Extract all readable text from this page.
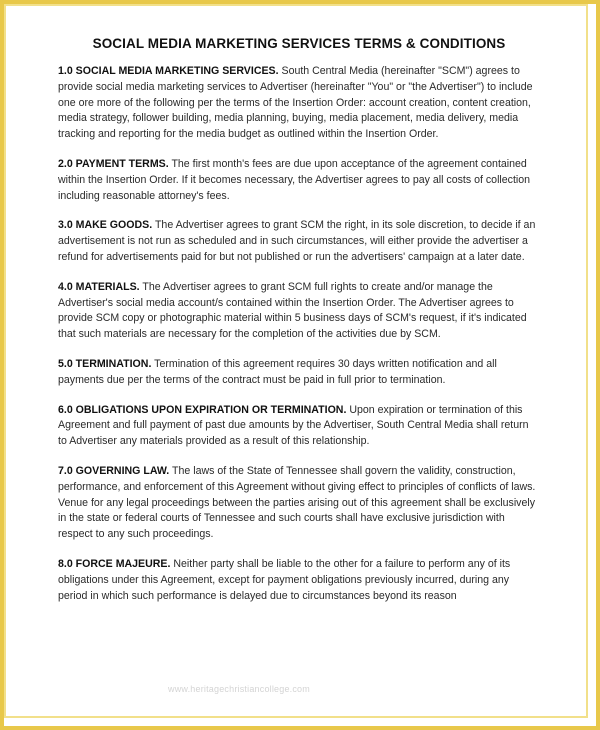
SOCIAL MEDIA MARKETING SERVICES TERMS & CONDITIONS
1.0 SOCIAL MEDIA MARKETING SERVICES. South Central Media (hereinafter "SCM") agrees to provide social media marketing services to Advertiser (hereinafter "You" or "the Advertiser") to include one ore more of the following per the terms of the Insertion Order: account creation, content creation, media strategy, follower building, media planning, buying, media placement, media delivery, media tracking and reporting for the media budget as outlined within the Insertion Order.
2.0 PAYMENT TERMS. The first month's fees are due upon acceptance of the agreement contained within the Insertion Order. If it becomes necessary, the Advertiser agrees to pay all costs of collection including reasonable attorney's fees.
3.0 MAKE GOODS. The Advertiser agrees to grant SCM the right, in its sole discretion, to decide if an advertisement is not run as scheduled and in such circumstances, will either provide the advertiser a refund for advertisements paid for but not published or run the advertisers' campaign at a later date.
4.0 MATERIALS. The Advertiser agrees to grant SCM full rights to create and/or manage the Advertiser's social media account/s contained within the Insertion Order. The Advertiser agrees to provide SCM copy or photographic material within 5 business days of SCM's request, if it's indicated that such materials are necessary for the completion of the activities due by SCM.
5.0 TERMINATION. Termination of this agreement requires 30 days written notification and all payments due per the terms of the contract must be paid in full prior to termination.
6.0 OBLIGATIONS UPON EXPIRATION OR TERMINATION. Upon expiration or termination of this Agreement and full payment of past due amounts by the Advertiser, South Central Media shall return to Advertiser any materials provided as a result of this relationship.
7.0 GOVERNING LAW. The laws of the State of Tennessee shall govern the validity, construction, performance, and enforcement of this Agreement without giving effect to principles of conflicts of laws. Venue for any legal proceedings between the parties arising out of this agreement shall be exclusively in the state or federal courts of Tennessee and such courts shall have exclusive jurisdiction with respect to any such proceedings.
8.0 FORCE MAJEURE. Neither party shall be liable to the other for a failure to perform any of its obligations under this Agreement, except for payment obligations previously incurred, during any period in which such performance is delayed due to circumstances beyond its reason
www.heritagechristiancollege.com
